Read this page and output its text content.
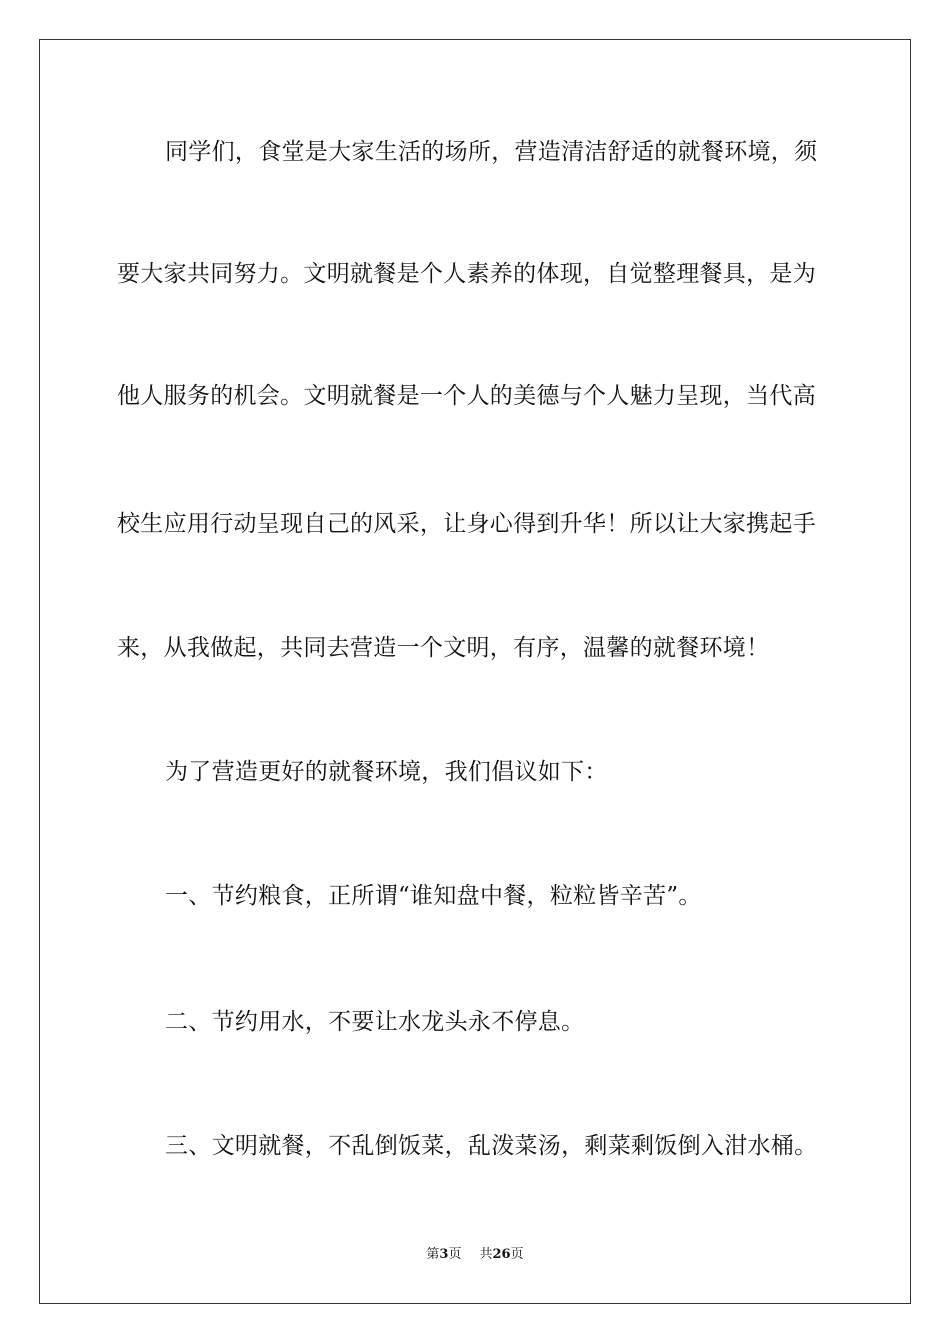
同学们，食堂是大家生活的场所，营造清洁舒适的就餐环境，须
要大家共同努力。文明就餐是个人素养的体现，自觉整理餐具，是为
他人服务的机会。文明就餐是一个人的美德与个人魅力呈现，当代高
校生应用行动呈现自己的风采，让身心得到升华！所以让大家携起手
来，从我做起，共同去营造一个文明，有序，温馨的就餐环境！
为了营造更好的就餐环境，我们倡议如下：
一、节约粮食，正所谓“谁知盘中餐，粒粒皆辛苦”。
二、节约用水，不要让水龙头永不停息。
三、文明就餐，不乱倒饭菜，乱泼菜汤，剩菜剩饭倒入泔水桶。
第3页 共26页
